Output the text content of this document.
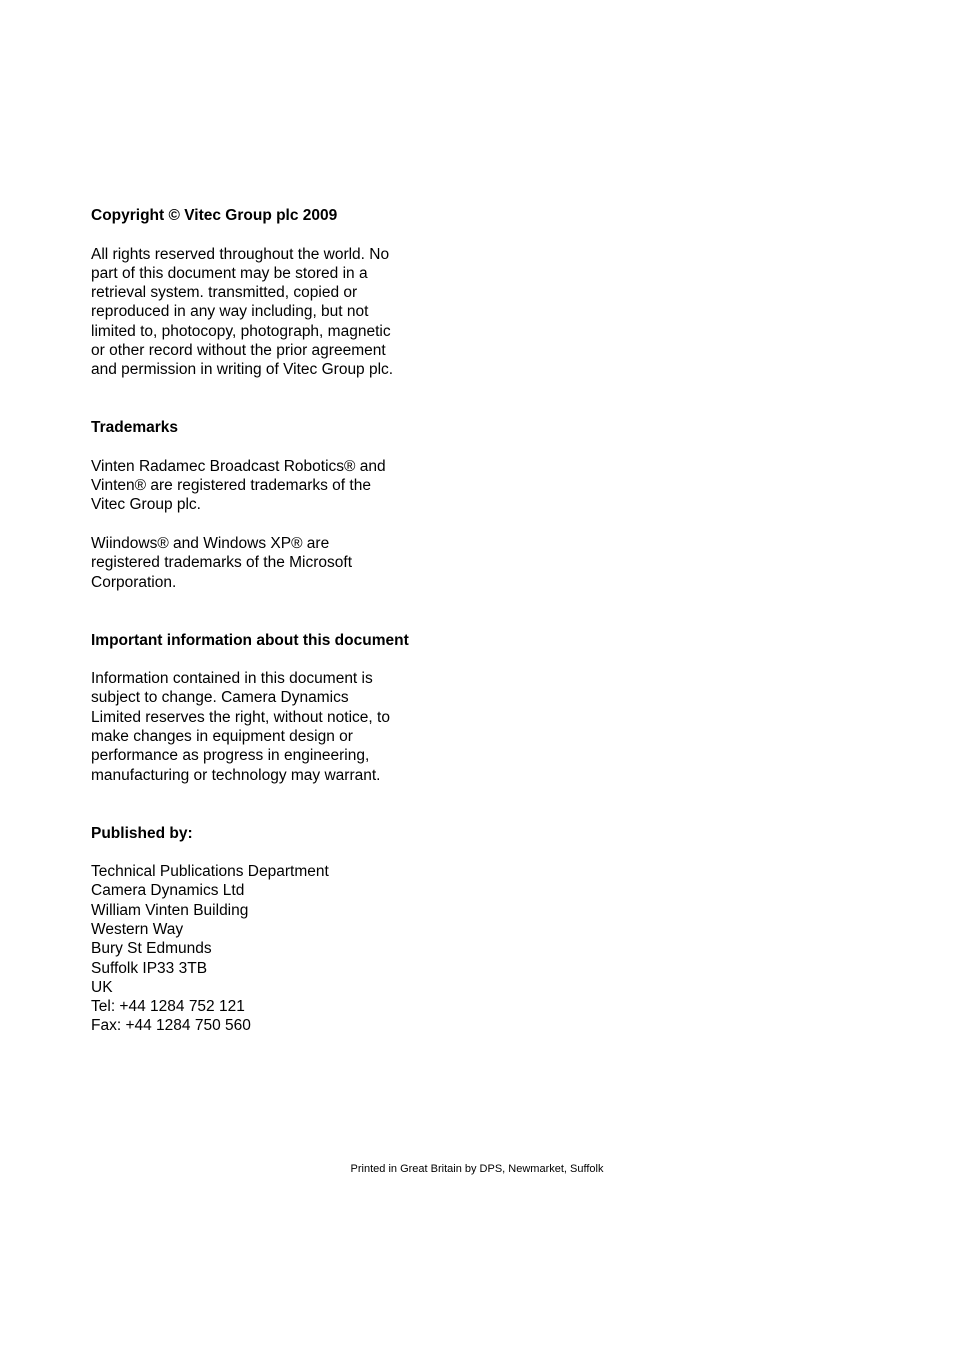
Copyright © Vitec Group plc 2009

All rights reserved throughout the world. No
part of this document may be stored in a
retrieval system. transmitted, copied or
reproduced in any way including, but not
limited to, photocopy, photograph, magnetic
or other record without the prior agreement
and permission in writing of Vitec Group plc.

Trademarks

Vinten Radamec Broadcast Robotics® and
Vinten® are registered trademarks of the
Vitec Group plc.

Wiindows® and Windows XP® are
registered trademarks of the Microsoft
Corporation.

Important information about this document

Information contained in this document is
subject to change. Camera Dynamics
Limited reserves the right, without notice, to
make changes in equipment design or
performance as progress in engineering,
manufacturing or technology may warrant.

Published by:

Technical Publications Department
Camera Dynamics Ltd
William Vinten Building
Western Way
Bury St Edmunds
Suffolk IP33 3TB
UK
Tel: +44 1284 752 121
Fax: +44 1284 750 560

Printed in Great Britain by DPS, Newmarket, Suffolk
